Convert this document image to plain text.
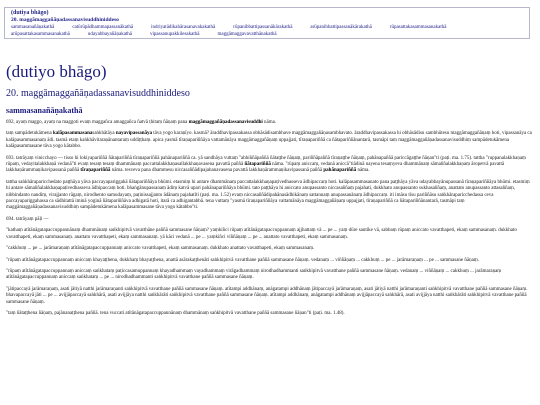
(dutiya bhāgo)
20. maggāmaggañāṇadassanavisuddhiniddeso
sammasanañāṇakathā	catūrūpādhammapassanākathā	indriyatādikahārasanavakakathā	rūpanibbattipassanākārakathā	arūpanibbattipassanākārakathā	rūpasattakasammasanakathā
arūpasattakasammasanakathā	udayabbayañāṇakathā	vipassanupakkilesakathā	maggāmaggavavatthānakathā
(dutiyo bhāgo)
20. maggāmaggañāṇadassanavisuddhiniddeso
sammasanañāṇakathā

692, ayaṃ maggo, ayaṃ na maggoti evaṃ maggañca amaggañca ñatvā ṭhitaṃ ñāṇaṃ pana maggāmaggañāṇadassanavisuddhi nāma.

taṃ sampādetukāmena kalāpasammasanasaṅkhātāya nayavipassanāya tāva yogo karaṇīyo. kasmā? āraddhavipassakassa obhāsādisambhave maggāmaggañāṇasambhavato. āraddhavipassakassa hi obhāsādisu sambhūtesu maggāmaggañāṇaṃ hoti, vipassanāya ca kalāpasammasanaṃ ādi. tasmā etaṃ kaṅkhāvitaraṇānantaraṃ uddiṭṭhaṃ. apica yasmā tīraṇapariññāya vattamānāya maggāmaggañāṇaṃ uppajjati, tīraṇapariññā ca ñātapariññānantarā, tasmāpi taṃ maggāmaggañāṇadassanavisuddhiṃ sampādetukāmena kalāpasammasane tāva yogo kātabbo.

693. tatrāyaṃ vinicchayo — tisso hi lokiyapariññā ñātapariññā tīraṇapariññā pahānapariññā ca. yā sandhāya vuttaṃ "abhiññāpaññā ñātaṭṭhe ñāṇaṃ, pariññāpaññā tīraṇaṭṭhe ñāṇaṃ, pahānapaññā pariccāgaṭṭhe ñāṇan"ti (paṭi. ma. 1.75). tattha "ruppanalakkhaṇaṃ rūpaṃ, vedayitalakkhaṇā vedanā"ti evaṃ tesaṃ tesaṃ dhammānaṃ paccattalakkhaṇasallakkhaṇavasena pavattā paññā ñātapariññā nāma. "rūpaṃ aniccaṃ, vedanā aniccā"tiādinā nayena tesaṃyeva dhammānaṃ sāmaññalakkhaṇaṃ āropetvā pavattā lakkhaṇārammaṇikavipassanā paññā tīraṇapariññā nāma. tesveva pana dhammesu niccasaññādipajahanavasena pavattā lakkhaṇārammaṇikavipassanā paññā pahānapariññā nāma.

tattha saṅkhāraparicchedato paṭṭhāya yāva paccayapariggahā ñātapariññāya bhūmi. etasmiṃ hi antare dhammānaṃ paccattalakkhaṇapaṭivedhasseva ādhipaccaṃ hoti. kalāpasammasanato pana paṭṭhāya yāva udayabbayānupassanā tīraṇapariññāya bhūmi. etasmiṃ hi antare sāmaññalakkhaṇapaṭivedhasseva ādhipaccaṃ hoti. bhaṅgānupassanaṃ ādiṃ katvā upari pahānapariññāya bhūmi. tato paṭṭhāya hi aniccato anupassanto niccasaññaṃ pajahati, dukkhato anupassanto sukhasaññaṃ, anattato anupassanto attasaññaṃ, nibbindanto nandiṃ, virajjanto rāgaṃ, nirodhento samudayaṃ, paṭinissajjanto ādānaṃ pajahatīti (paṭi. ma. 1.52) evaṃ niccasaññādipahānasādhikānaṃ sattannaṃ anupassanānaṃ ādhipaccaṃ. iti imāsu tīsu pariññāsu saṅkhāraparicchedassa ceva paccayapariggahassa ca sādhitattā iminā yoginā ñātapariññāva adhigatā hoti, itarā ca adhigantabbā. tena vuttaṃ "yasmā tīraṇapariññāya vattamānāya maggāmaggañāṇaṃ uppajjati, tīraṇapariññā ca ñātapariññānantarā, tasmāpi taṃ maggāmaggañāṇadassanavisuddhiṃ sampādetukāmena kalāpasammasane tāva yogo kātabbo"ti.

694. tatrāyaṃ pāḷi —

"kathaṃ atītānāgatapaccuppannānaṃ dhammānaṃ saṅkhipitvā vavatthāne paññā sammasane ñāṇaṃ? yaṃkiñci rūpaṃ atītānāgatapaccuppannaṃ ajjhattaṃ vā ... pe ... yaṃ dūre santike vā, sabbaṃ rūpaṃ aniccato vavatthapeti, ekaṃ sammasanaṃ. dukkhato vavatthapeti, ekaṃ sammasanaṃ. anattato vavatthapeti, ekaṃ sammasanaṃ. yā kāci vedanā ... pe ... yaṃkiñci viññāṇaṃ ... pe ... anattato vavatthapeti, ekaṃ sammasanaṃ.

"cakkhuṃ ... pe ... jarāmaraṇaṃ atītānāgatapaccuppannaṃ aniccato vavatthapeti, ekaṃ sammasanaṃ. dukkhato anattato vavatthapeti, ekaṃ sammasanaṃ.

"rūpaṃ atītānāgatapaccuppannaṃ aniccaṃ khayaṭṭhena, dukkhaṃ bhayaṭṭhena, anattā asārakaṭṭhenāti saṅkhipitvā vavatthane paññā sammasane ñāṇaṃ. vedanaṃ ... viññāṇaṃ ... cakkhuṃ ... pe ... jarāmaraṇaṃ ... pe ... sammasane ñāṇaṃ.

"rūpaṃ atītānāgatapaccuppannaṃ aniccaṃ saṅkhataṃ paṭiccasamuppannaṃ khayadhammaṃ vayadhammaṃ virāgadhammaṃ nirodhadhammanti saṅkhipitvā vavatthane paññā sammasane ñāṇaṃ. vedanaṃ ... viññāṇaṃ ... cakkhuṃ ... jarāmaraṇaṃ atītānāgatapaccuppannaṃ aniccaṃ saṅkhataṃ ... pe ... nirodhadhammanti saṅkhipitvā vavatthane paññā sammasane ñāṇaṃ.

"jātipaccayā jarāmaraṇaṃ, asati jātiyā natthi jarāmaraṇanti saṅkhipitvā vavatthane paññā sammasane ñāṇaṃ. atītampi addhānaṃ, anāgatampi addhānaṃ jātipaccayā jarāmaraṇaṃ, asati jātiyā natthi jarāmaraṇanti saṅkhipitvā vavatthane paññā sammasane ñāṇaṃ. bhavapaccayā jāti ... pe ... avijjāpaccayā saṅkhārā, asati avijjāya natthi saṅkhārāti saṅkhipitvā vavatthane paññā sammasane ñāṇaṃ. atītampi addhānaṃ, anāgatampi addhānaṃ avijjāpaccayā saṅkhārā, asati avijjāya natthi saṅkhārāti saṅkhipitvā vavatthane paññā sammasane ñāṇaṃ.

"taṃ ñātaṭṭhena ñāṇaṃ, pajānanaṭṭhena paññā. tena vuccati atītānāgatapaccuppannānaṃ dhammānaṃ saṅkhipitvā vavatthane paññā sammasane ñāṇan"ti (paṭi. ma. 1.48).
